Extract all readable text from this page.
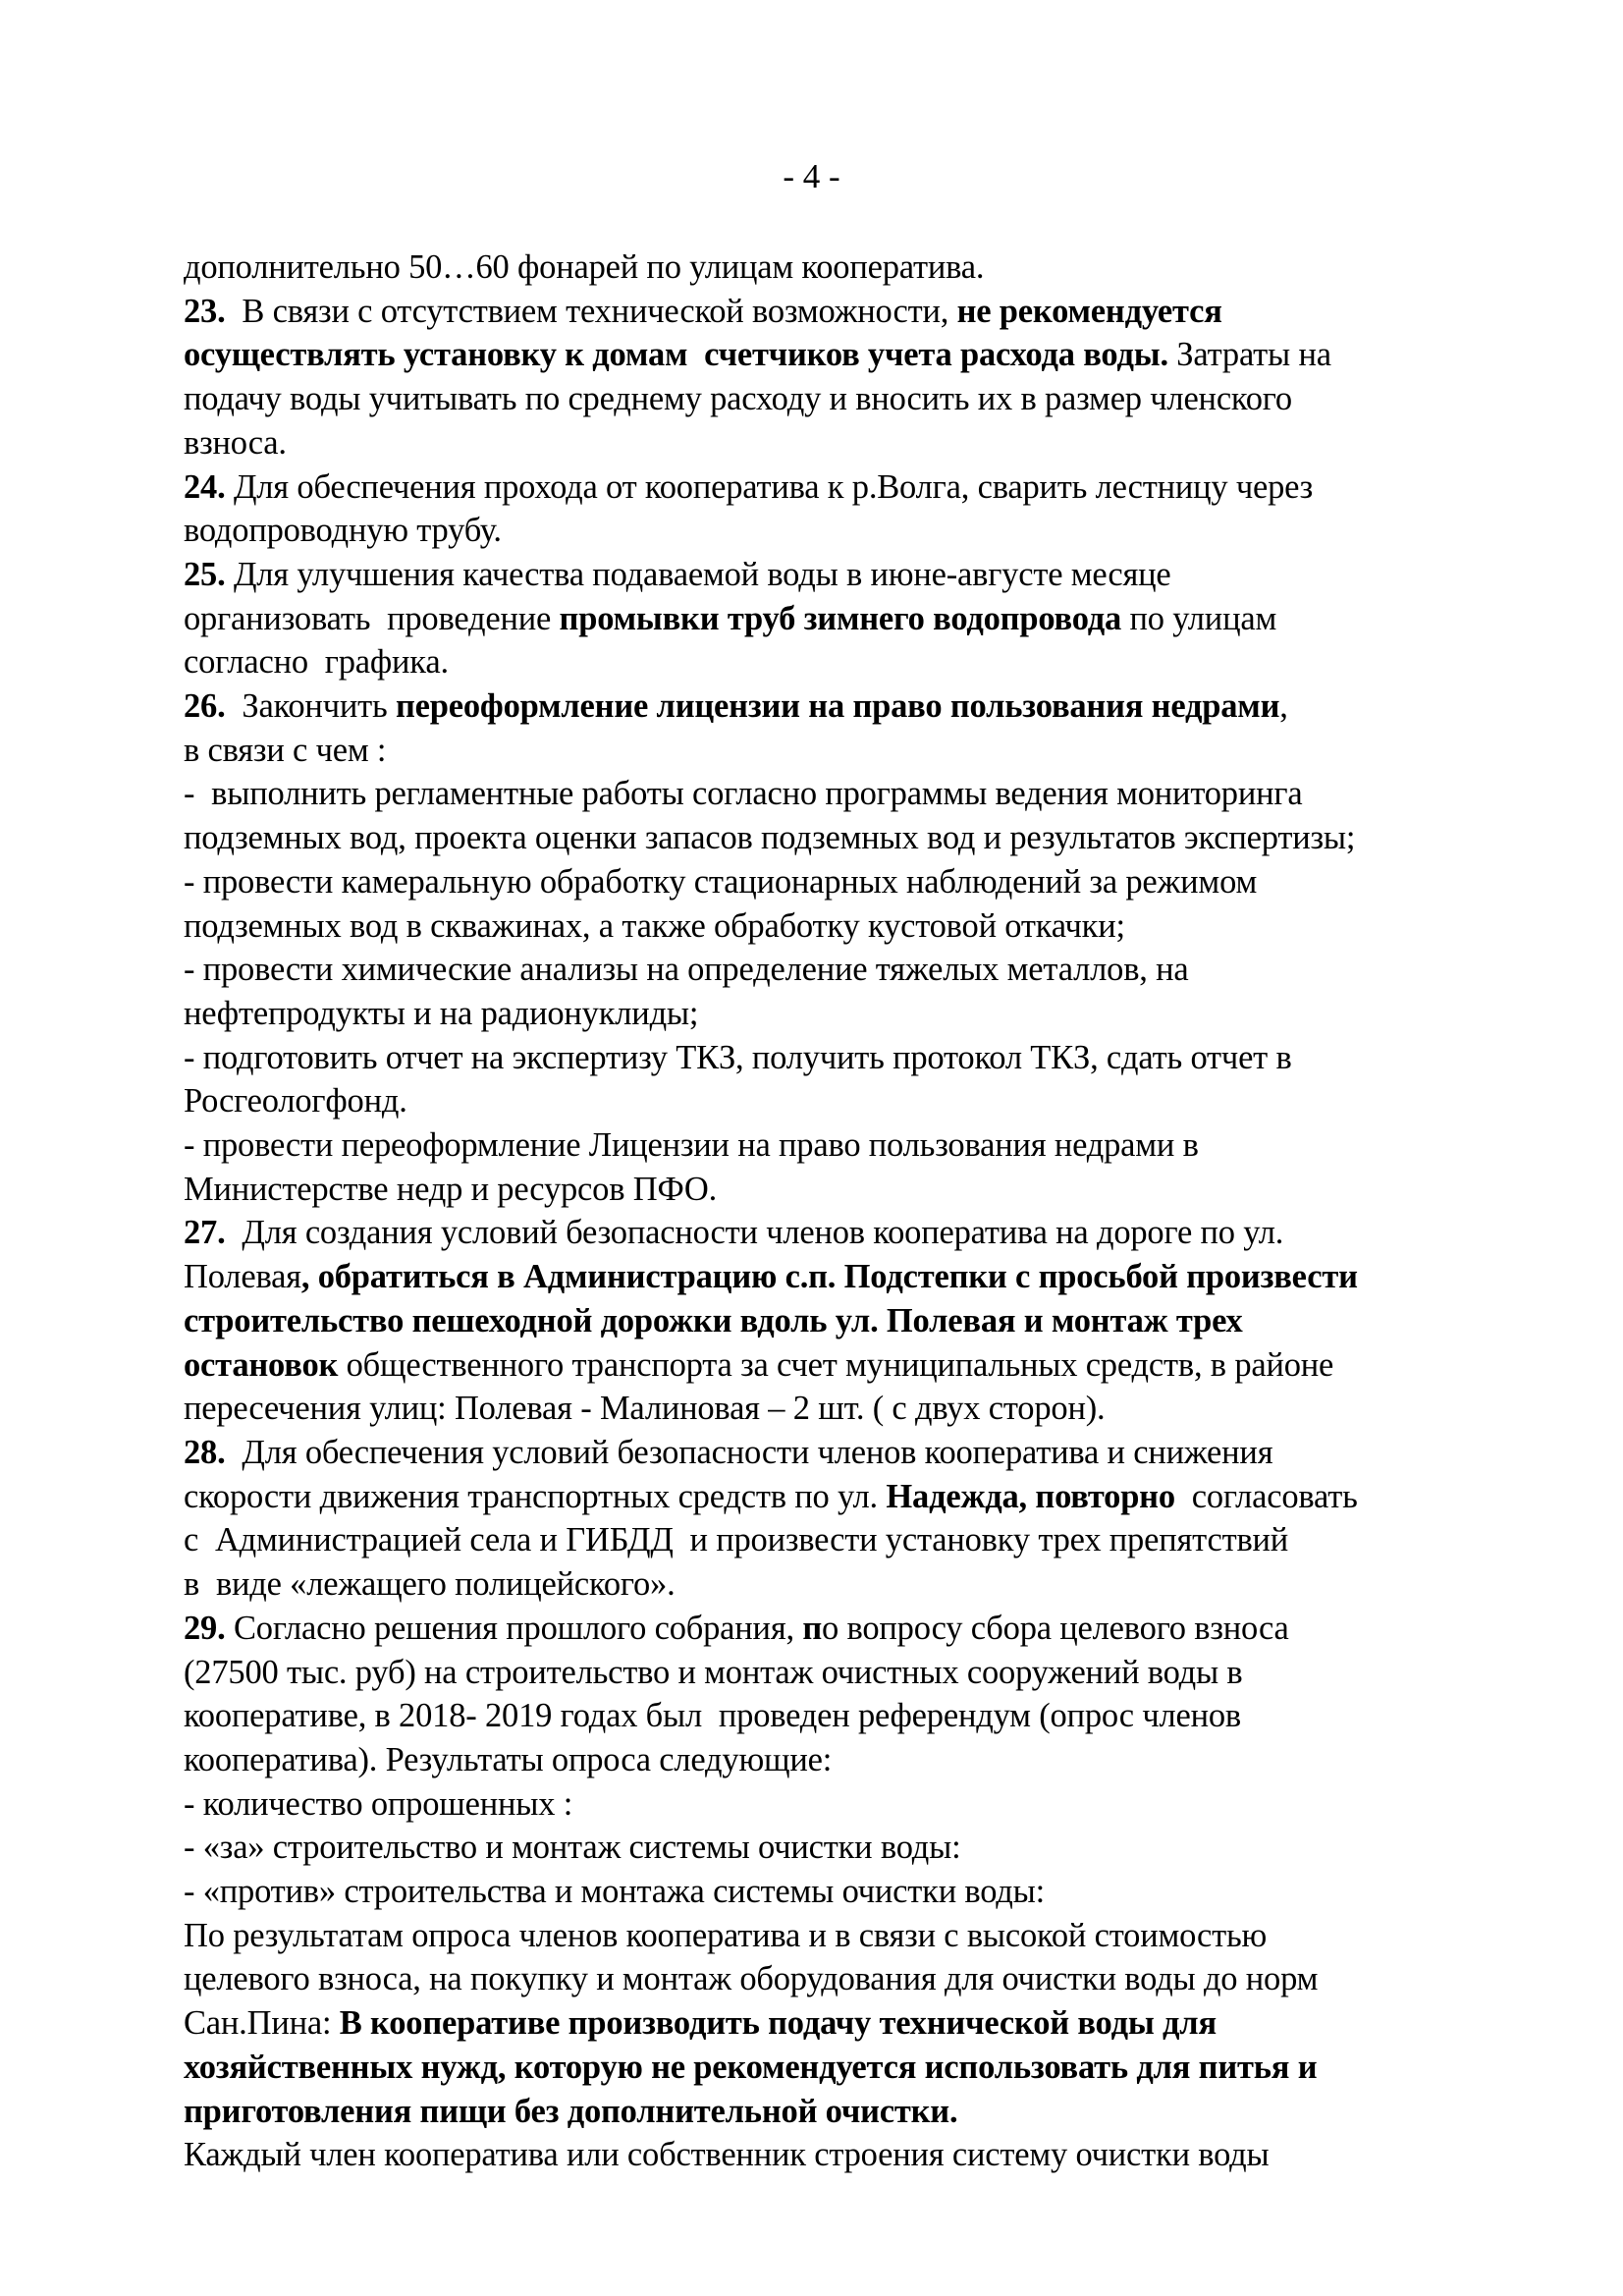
- 4 -
дополнительно 50…60 фонарей по улицам кооператива.
23.  В связи с отсутствием технической возможности, не рекомендуется
осуществлять установку к домам  счетчиков учета расхода воды. Затраты на
подачу воды учитывать по среднему расходу и вносить их в размер членского
взноса.
24. Для обеспечения прохода от кооператива к р.Волга, сварить лестницу через
водопроводную трубу.
25. Для улучшения качества подаваемой воды в июне-августе месяце
организовать  проведение промывки труб зимнего водопровода по улицам
согласно  графика.
26.  Закончить переоформление лицензии на право пользования недрами,
в связи с чем :
-  выполнить регламентные работы согласно программы ведения мониторинга
подземных вод, проекта оценки запасов подземных вод и результатов экспертизы;
- провести камеральную обработку стационарных наблюдений за режимом
подземных вод в скважинах, а также обработку кустовой откачки;
- провести химические анализы на определение тяжелых металлов, на
нефтепродукты и на радионуклиды;
- подготовить отчет на экспертизу ТКЗ, получить протокол ТКЗ, сдать отчет в
Росгеологфонд.
- провести переоформление Лицензии на право пользования недрами в
Министерстве недр и ресурсов ПФО.
27.  Для создания условий безопасности членов кооператива на дороге по ул.
Полевая, обратиться в Администрацию с.п. Подстепки с просьбой произвести
строительство пешеходной дорожки вдоль ул. Полевая и монтаж трех
остановок общественного транспорта за счет муниципальных средств, в районе
пересечения улиц: Полевая - Малиновая – 2 шт. ( с двух сторон).
28.  Для обеспечения условий безопасности членов кооператива и снижения
скорости движения транспортных средств по ул. Надежда, повторно  согласовать
с  Администрацией села и ГИБДД  и произвести установку трех препятствий
в  виде «лежащего полицейского».
29. Согласно решения прошлого собрания, по вопросу сбора целевого взноса
(27500 тыс. руб) на строительство и монтаж очистных сооружений воды в
кооперативе, в 2018- 2019 годах был  проведен референдум (опрос членов
кооператива). Результаты опроса следующие:
- количество опрошенных :
- «за» строительство и монтаж системы очистки воды:
- «против» строительства и монтажа системы очистки воды:
По результатам опроса членов кооператива и в связи с высокой стоимостью
целевого взноса, на покупку и монтаж оборудования для очистки воды до норм
Сан.Пина: В кооперативе производить подачу технической воды для
хозяйственных нужд, которую не рекомендуется использовать для питья и
приготовления пищи без дополнительной очистки.
Каждый член кооператива или собственник строения систему очистки воды
